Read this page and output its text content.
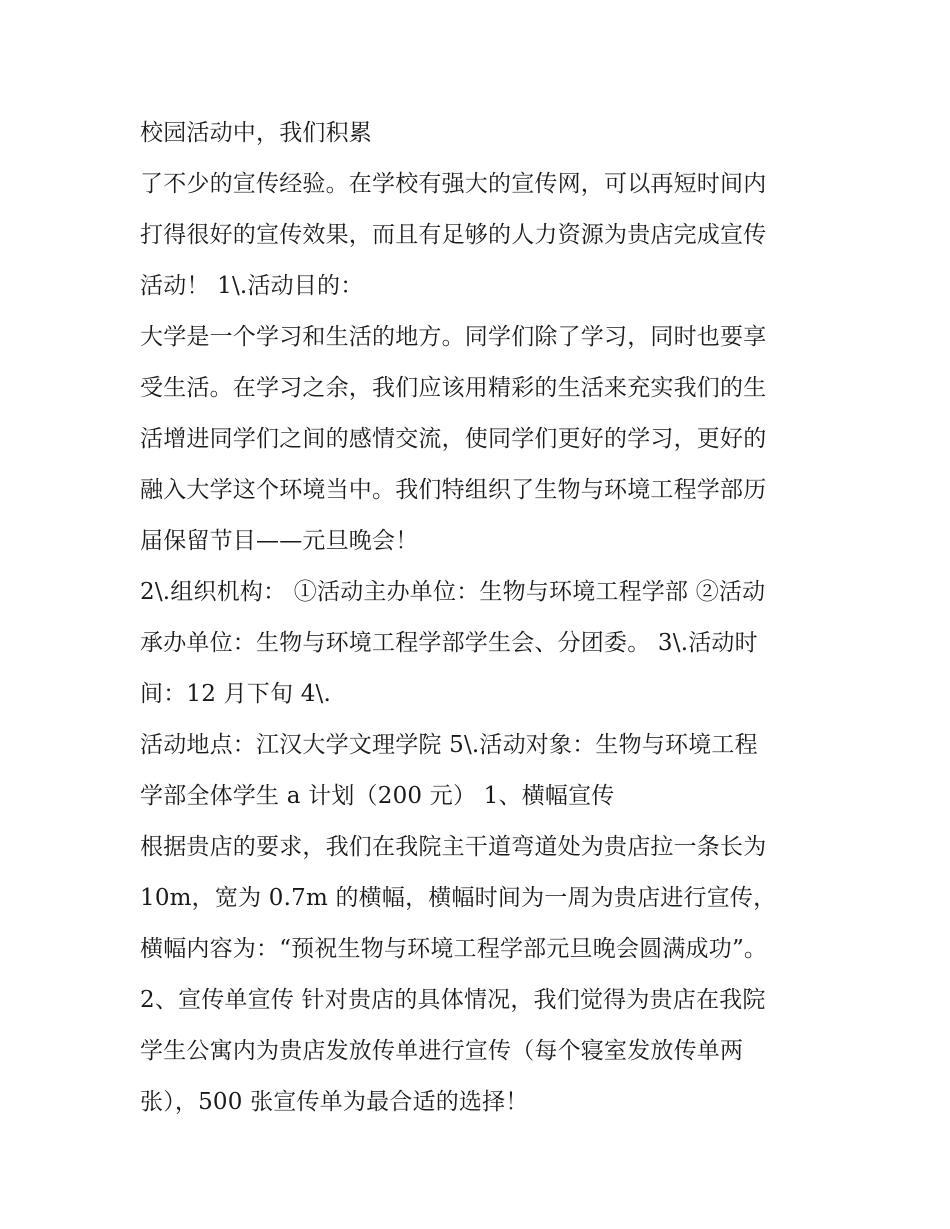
校园活动中，我们积累
了不少的宣传经验。在学校有强大的宣传网，可以再短时间内
打得很好的宣传效果，而且有足够的人力资源为贵店完成宣传
活动！ 1\.活动目的：
大学是一个学习和生活的地方。同学们除了学习，同时也要享
受生活。在学习之余，我们应该用精彩的生活来充实我们的生
活增进同学们之间的感情交流，使同学们更好的学习，更好的
融入大学这个环境当中。我们特组织了生物与环境工程学部历
届保留节目——元旦晚会！
2\.组织机构： ①活动主办单位：生物与环境工程学部 ②活动
承办单位：生物与环境工程学部学生会、分团委。 3\.活动时
间：12 月下旬 4\.
活动地点：江汉大学文理学院 5\.活动对象：生物与环境工程
学部全体学生 a 计划（200 元） 1、横幅宣传
根据贵店的要求，我们在我院主干道弯道处为贵店拉一条长为
10m，宽为 0.7m 的横幅，横幅时间为一周为贵店进行宣传，
横幅内容为：“预祝生物与环境工程学部元旦晚会圆满成功”。
2、宣传单宣传 针对贵店的具体情况，我们觉得为贵店在我院
学生公寓内为贵店发放传单进行宣传（每个寝室发放传单两
张），500 张宣传单为最合适的选择！
